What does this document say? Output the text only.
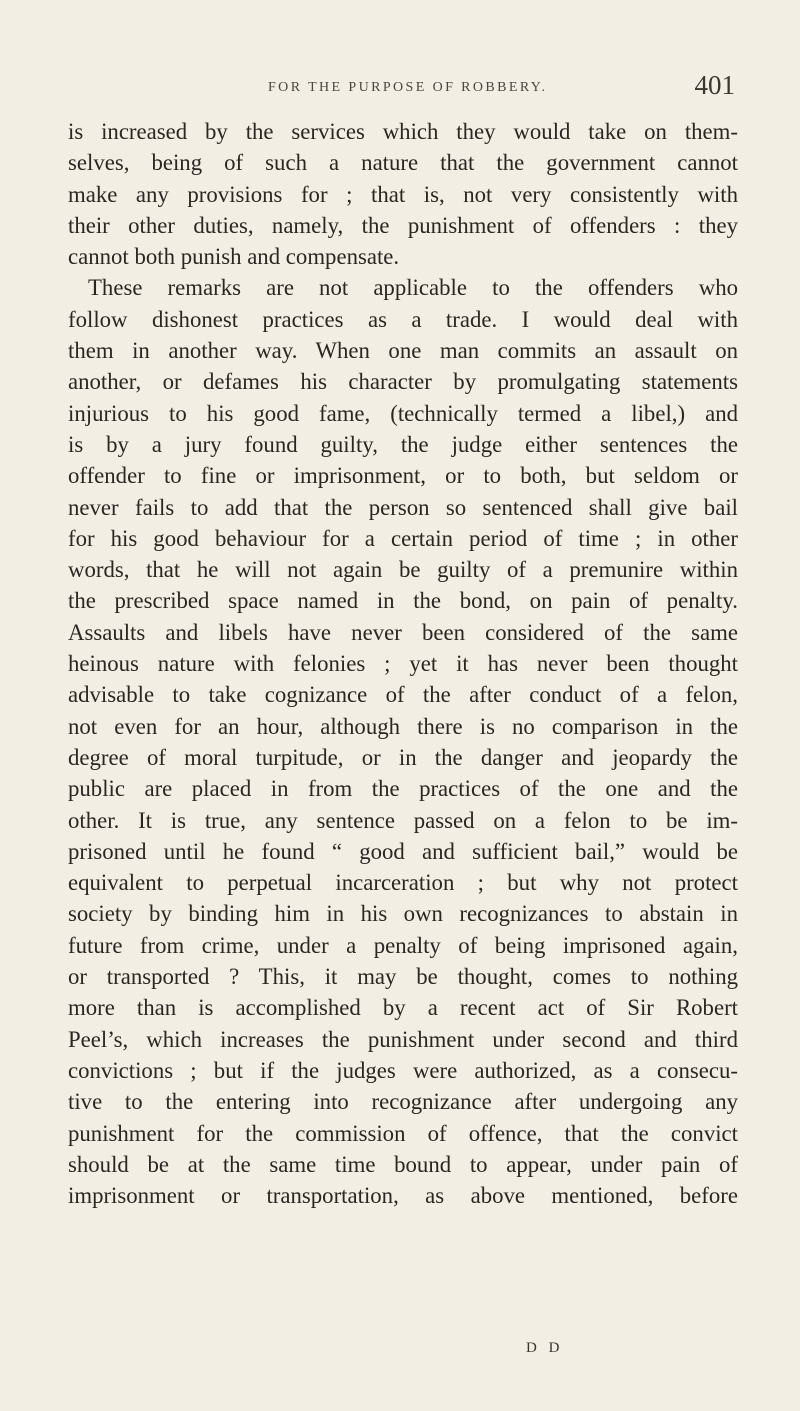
FOR THE PURPOSE OF ROBBERY.	401
is increased by the services which they would take on them-
selves, being of such a nature that the government cannot
make any provisions for ; that is, not very consistently with
their other duties, namely, the punishment of offenders : they
cannot both punish and compensate.
These remarks are not applicable to the offenders who
follow dishonest practices as a trade. I would deal with
them in another way. When one man commits an assault on
another, or defames his character by promulgating statements
injurious to his good fame, (technically termed a libel,) and
is by a jury found guilty, the judge either sentences the
offender to fine or imprisonment, or to both, but seldom or
never fails to add that the person so sentenced shall give bail
for his good behaviour for a certain period of time ; in other
words, that he will not again be guilty of a premunire within
the prescribed space named in the bond, on pain of penalty.
Assaults and libels have never been considered of the same
heinous nature with felonies ; yet it has never been thought
advisable to take cognizance of the after conduct of a felon,
not even for an hour, although there is no comparison in the
degree of moral turpitude, or in the danger and jeopardy the
public are placed in from the practices of the one and the
other. It is true, any sentence passed on a felon to be im-
prisoned until he found “ good and sufficient bail,” would be
equivalent to perpetual incarceration ; but why not protect
society by binding him in his own recognizances to abstain in
future from crime, under a penalty of being imprisoned again,
or transported ? This, it may be thought, comes to nothing
more than is accomplished by a recent act of Sir Robert
Peel’s, which increases the punishment under second and third
convictions ; but if the judges were authorized, as a consecu-
tive to the entering into recognizance after undergoing any
punishment for the commission of offence, that the convict
should be at the same time bound to appear, under pain of
imprisonment or transportation, as above mentioned, before
D D
